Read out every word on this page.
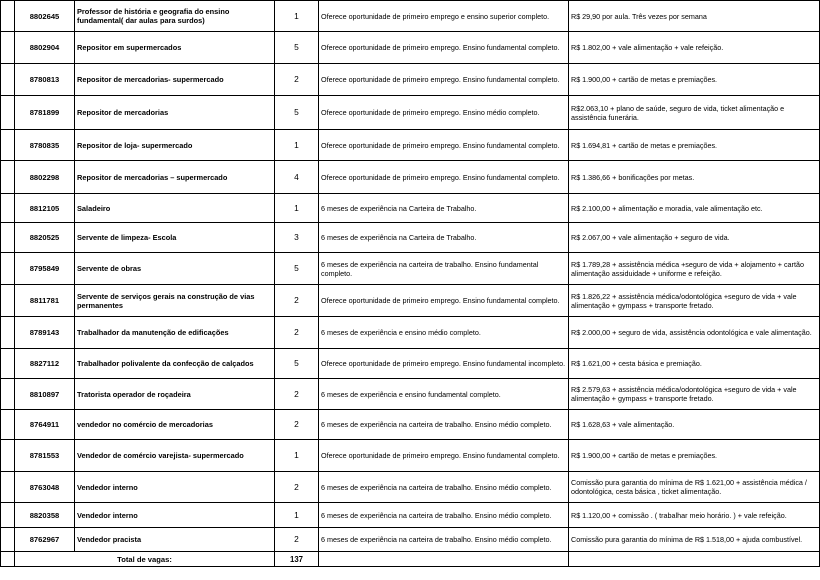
	8802645	Professor de história e geografia do ensino fundamental( dar aulas para surdos)	1	Oferece oportunidade de primeiro emprego e ensino superior completo.	R$ 29,90 por aula. Três vezes por semana
	8802904	Repositor em supermercados	5	Oferece oportunidade de primeiro emprego. Ensino fundamental completo.	R$ 1.802,00 + vale alimentação + vale refeição.
	8780813	Repositor de mercadorias- supermercado	2	Oferece oportunidade de primeiro emprego. Ensino fundamental completo.	R$ 1.900,00 + cartão de metas e premiações.
	8781899	Repositor de mercadorias	5	Oferece oportunidade de primeiro emprego. Ensino médio completo.	R$2.063,10 + plano de saúde, seguro de vida, ticket alimentação e assistência funerária.
	8780835	Repositor de loja- supermercado	1	Oferece oportunidade de primeiro emprego. Ensino fundamental completo.	R$ 1.694,81 + cartão de metas e premiações.
	8802298	Repositor de mercadorias – supermercado	4	Oferece oportunidade de primeiro emprego. Ensino fundamental completo.	R$ 1.386,66 + bonificações por metas.
	8812105	Saladeiro	1	6 meses de experiência na Carteira de Trabalho.	R$ 2.100,00 + alimentação e moradia, vale alimentação etc.
	8820525	Servente de limpeza- Escola	3	6 meses de experiência na Carteira de Trabalho.	R$ 2.067,00 + vale alimentação + seguro de vida.
	8795849	Servente de obras	5	6 meses de experiência na carteira de trabalho. Ensino fundamental completo.	R$ 1.789,28 + assistência médica +seguro de vida + alojamento + cartão alimentação assiduidade + uniforme e refeição.
	8811781	Servente de serviços gerais na construção de vias permanentes	2	Oferece oportunidade de primeiro emprego. Ensino fundamental completo.	R$ 1.826,22 + assistência médica/odontológica +seguro de vida + vale alimentação + gympass + transporte fretado.
	8789143	Trabalhador da manutenção de edificações	2	6 meses de experiência e ensino médio completo.	R$ 2.000,00 + seguro de vida, assistência odontológica e vale alimentação.
	8827112	Trabalhador polivalente da confecção de calçados	5	Oferece oportunidade de primeiro emprego. Ensino fundamental incompleto.	R$ 1.621,00 + cesta básica e premiação.
	8810897	Tratorista operador de roçadeira	2	6 meses de experiência e ensino fundamental completo.	R$ 2.579,63 + assistência médica/odontológica +seguro de vida + vale alimentação + gympass + transporte fretado.
	8764911	vendedor no comércio de mercadorias	2	6 meses de experiência na carteira de trabalho. Ensino médio completo.	R$ 1.628,63 + vale alimentação.
	8781553	Vendedor de comércio varejista- supermercado	1	Oferece oportunidade de primeiro emprego. Ensino fundamental completo.	R$ 1.900,00 + cartão de metas e premiações.
	8763048	Vendedor interno	2	6 meses de experiência na carteira de trabalho. Ensino médio completo.	Comissão pura garantia do mínima de R$ 1.621,00 + assistência médica / odontológica, cesta básica , ticket alimentação.
	8820358	Vendedor interno	1	6 meses de experiência na carteira de trabalho. Ensino médio completo.	R$ 1.120,00 + comissão . ( trabalhar meio horário. ) + vale refeição.
	8762967	Vendedor pracista	2	6 meses de experiência na carteira de trabalho. Ensino médio completo.	Comissão pura garantia do mínima de R$ 1.518,00 + ajuda combustível.
	Total de vagas:		137		
